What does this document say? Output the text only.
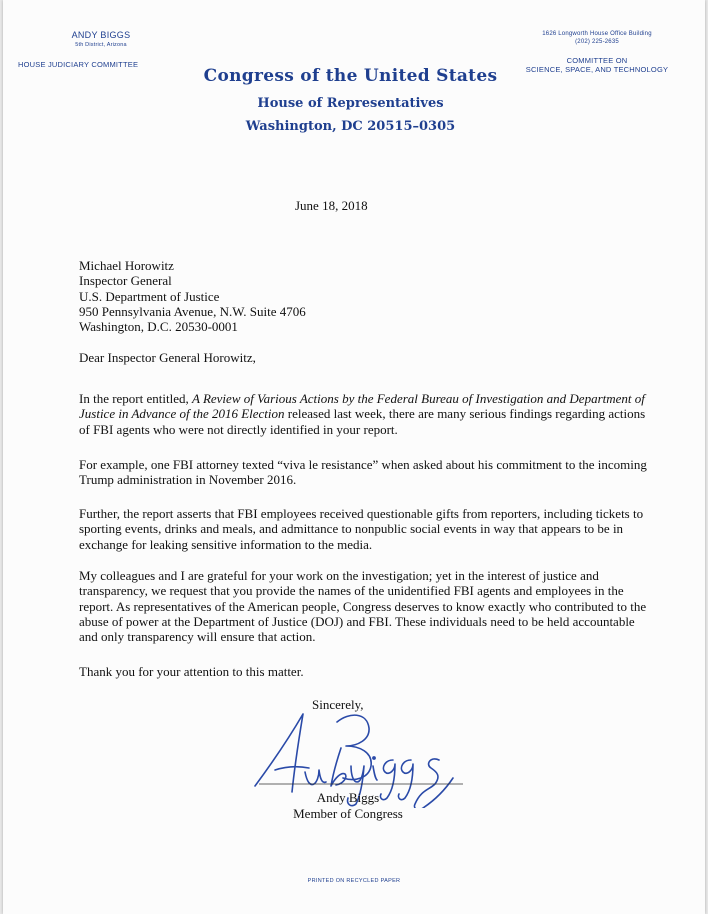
ANDY BIGGS
5th District, Arizona
HOUSE JUDICIARY COMMITTEE
1626 Longworth House Office Building
(202) 225-2635
COMMITTEE ON
SCIENCE, SPACE, AND TECHNOLOGY
Congress of the United States
House of Representatives
Washington, DC 20515–0305
June 18, 2018
Michael Horowitz
Inspector General
U.S. Department of Justice
950 Pennsylvania Avenue, N.W. Suite 4706
Washington, D.C. 20530-0001
Dear Inspector General Horowitz,
In the report entitled, A Review of Various Actions by the Federal Bureau of Investigation and Department of Justice in Advance of the 2016 Election released last week, there are many serious findings regarding actions of FBI agents who were not directly identified in your report.
For example, one FBI attorney texted “viva le resistance” when asked about his commitment to the incoming Trump administration in November 2016.
Further, the report asserts that FBI employees received questionable gifts from reporters, including tickets to sporting events, drinks and meals, and admittance to nonpublic social events in way that appears to be in exchange for leaking sensitive information to the media.
My colleagues and I are grateful for your work on the investigation; yet in the interest of justice and transparency, we request that you provide the names of the unidentified FBI agents and employees in the report. As representatives of the American people, Congress deserves to know exactly who contributed to the abuse of power at the Department of Justice (DOJ) and FBI. These individuals need to be held accountable and only transparency will ensure that action.
Thank you for your attention to this matter.
Sincerely,
Andy Biggs
Member of Congress
PRINTED ON RECYCLED PAPER
